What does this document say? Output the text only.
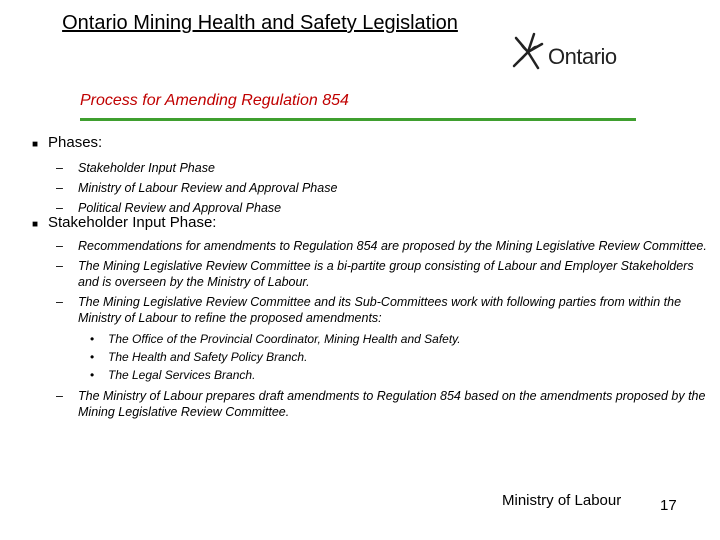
Ontario Mining Health and Safety Legislation
Ontario
Process for Amending Regulation 854
■ Phases:
– Stakeholder Input Phase
– Ministry of Labour Review and Approval Phase
– Political Review and Approval Phase
■ Stakeholder Input Phase:
– Recommendations for amendments to Regulation 854 are proposed by the Mining Legislative Review Committee.
– The Mining Legislative Review Committee is a bi-partite group consisting of Labour and Employer Stakeholders and is overseen by the Ministry of Labour.
– The Mining Legislative Review Committee and its Sub-Committees work with following parties from within the Ministry of Labour to refine the proposed amendments:
• The Office of the Provincial Coordinator, Mining Health and Safety.
• The Health and Safety Policy Branch.
• The Legal Services Branch.
– The Ministry of Labour prepares draft amendments to Regulation 854 based on the amendments proposed by the Mining Legislative Review Committee.
Ministry of Labour	17
